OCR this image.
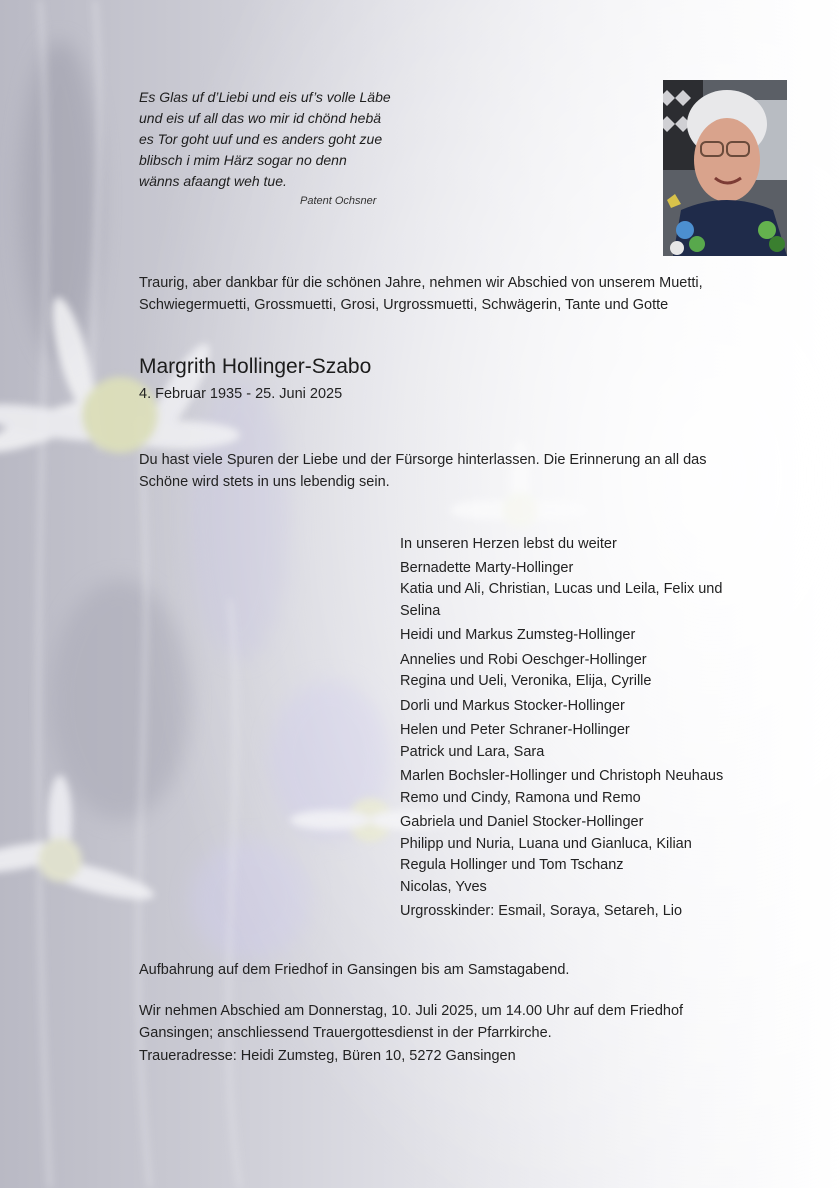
Es Glas uf d’Liebi und eis uf’s volle Läbe
und eis uf all das wo mir id chönd hebä
es Tor goht uuf und es anders goht zue
blibsch i mim Härz sogar no denn
wänns afaangt weh tue.
Patent Ochsner
Traurig, aber dankbar für die schönen Jahre, nehmen wir Abschied von unserem Muetti, Schwiegermuetti, Grossmuetti, Grosi, Urgrossmuetti, Schwägerin, Tante und Gotte
Margrith Hollinger-Szabo
4. Februar 1935 - 25. Juni 2025
Du hast viele Spuren der Liebe und der Fürsorge hinterlassen. Die Erinnerung an all das Schöne wird stets in uns lebendig sein.
In unseren Herzen lebst du weiter
Bernadette Marty-Hollinger
Katia und Ali, Christian, Lucas und Leila, Felix und Selina
Heidi und Markus Zumsteg-Hollinger
Annelies und Robi Oeschger-Hollinger
Regina und Ueli, Veronika, Elija, Cyrille
Dorli und Markus Stocker-Hollinger
Helen und Peter Schraner-Hollinger
Patrick und Lara, Sara
Marlen Bochsler-Hollinger und Christoph Neuhaus
Remo und Cindy, Ramona und Remo
Gabriela und Daniel Stocker-Hollinger
Philipp und Nuria, Luana und Gianluca, Kilian
Regula Hollinger und Tom Tschanz
Nicolas, Yves
Urgrosskinder: Esmail, Soraya, Setareh, Lio
Aufbahrung auf dem Friedhof in Gansingen bis am Samstagabend.
Wir nehmen Abschied am Donnerstag, 10. Juli 2025, um 14.00 Uhr auf dem Friedhof Gansingen; anschliessend Trauergottesdienst in der Pfarrkirche.
Traueradresse: Heidi Zumsteg, Büren 10, 5272 Gansingen
